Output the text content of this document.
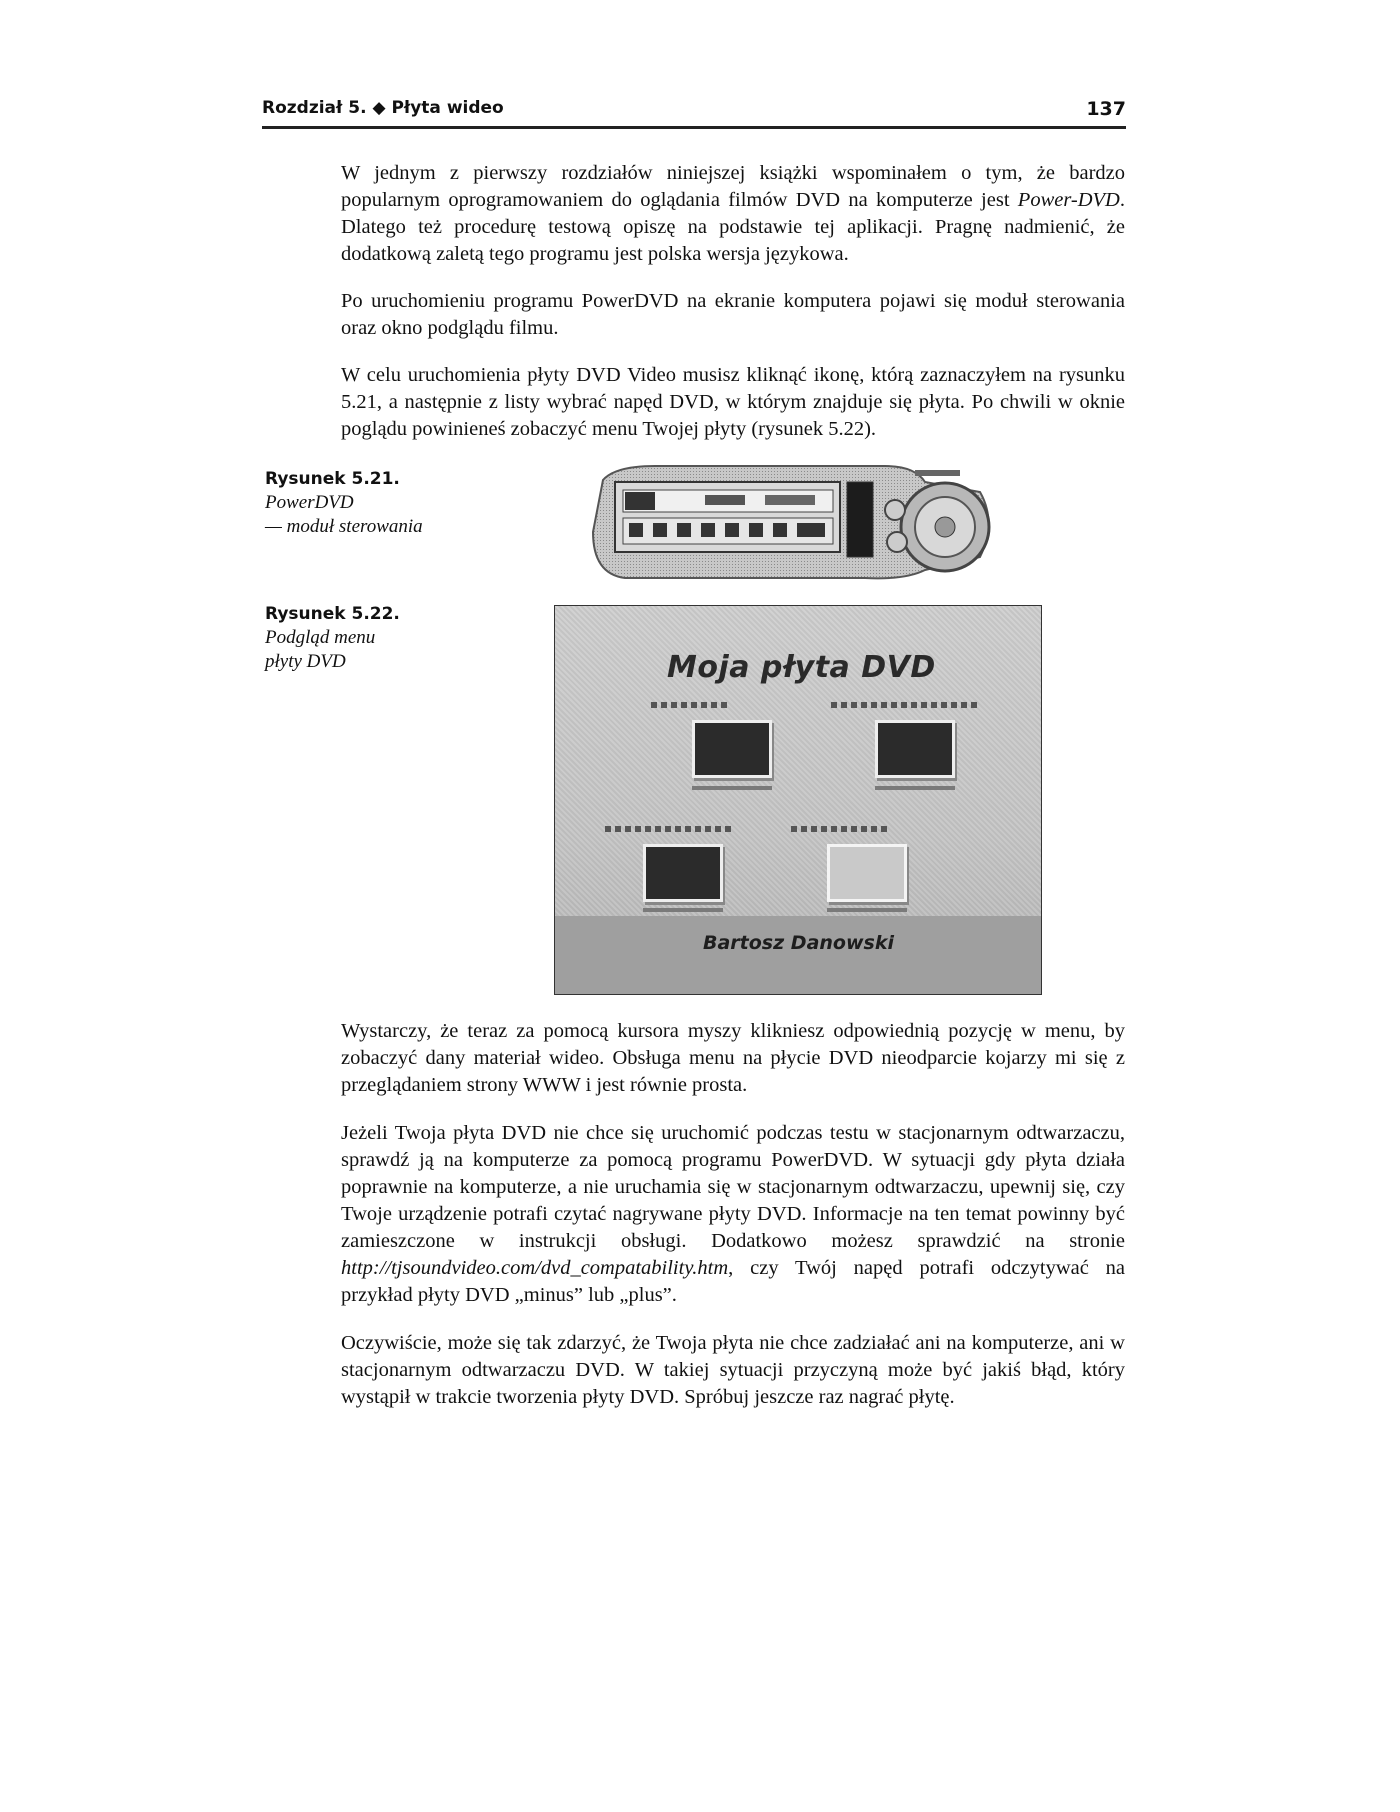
Rozdział 5. ◆ Płyta wideo	137

W jednym z pierwszy rozdziałów niniejszej książki wspominałem o tym, że bardzo popularnym oprogramowaniem do oglądania filmów DVD na komputerze jest Power-DVD. Dlatego też procedurę testową opiszę na podstawie tej aplikacji. Pragnę nadmienić, że dodatkową zaletą tego programu jest polska wersja językowa.

Po uruchomieniu programu PowerDVD na ekranie komputera pojawi się moduł sterowania oraz okno podglądu filmu.

W celu uruchomienia płyty DVD Video musisz kliknąć ikonę, którą zaznaczyłem na rysunku 5.21, a następnie z listy wybrać napęd DVD, w którym znajduje się płyta. Po chwili w oknie poglądu powinieneś zobaczyć menu Twojej płyty (rysunek 5.22).

Rysunek 5.21.
PowerDVD
— moduł sterowania
Rysunek 5.22.
Podgląd menu
płyty DVD	Moja płyta DVD
Bartosz Danowski

Wystarczy, że teraz za pomocą kursora myszy klikniesz odpowiednią pozycję w menu, by zobaczyć dany materiał wideo. Obsługa menu na płycie DVD nieodparcie kojarzy mi się z przeglądaniem strony WWW i jest równie prosta.

Jeżeli Twoja płyta DVD nie chce się uruchomić podczas testu w stacjonarnym odtwarzaczu, sprawdź ją na komputerze za pomocą programu PowerDVD. W sytuacji gdy płyta działa poprawnie na komputerze, a nie uruchamia się w stacjonarnym odtwarzaczu, upewnij się, czy Twoje urządzenie potrafi czytać nagrywane płyty DVD. Informacje na ten temat powinny być zamieszczone w instrukcji obsługi. Dodatkowo możesz sprawdzić na stronie http://tjsoundvideo.com/dvd_compatability.htm, czy Twój napęd potrafi odczytywać na przykład płyty DVD „minus” lub „plus”.

Oczywiście, może się tak zdarzyć, że Twoja płyta nie chce zadziałać ani na komputerze, ani w stacjonarnym odtwarzaczu DVD. W takiej sytuacji przyczyną może być jakiś błąd, który wystąpił w trakcie tworzenia płyty DVD. Spróbuj jeszcze raz nagrać płytę.
